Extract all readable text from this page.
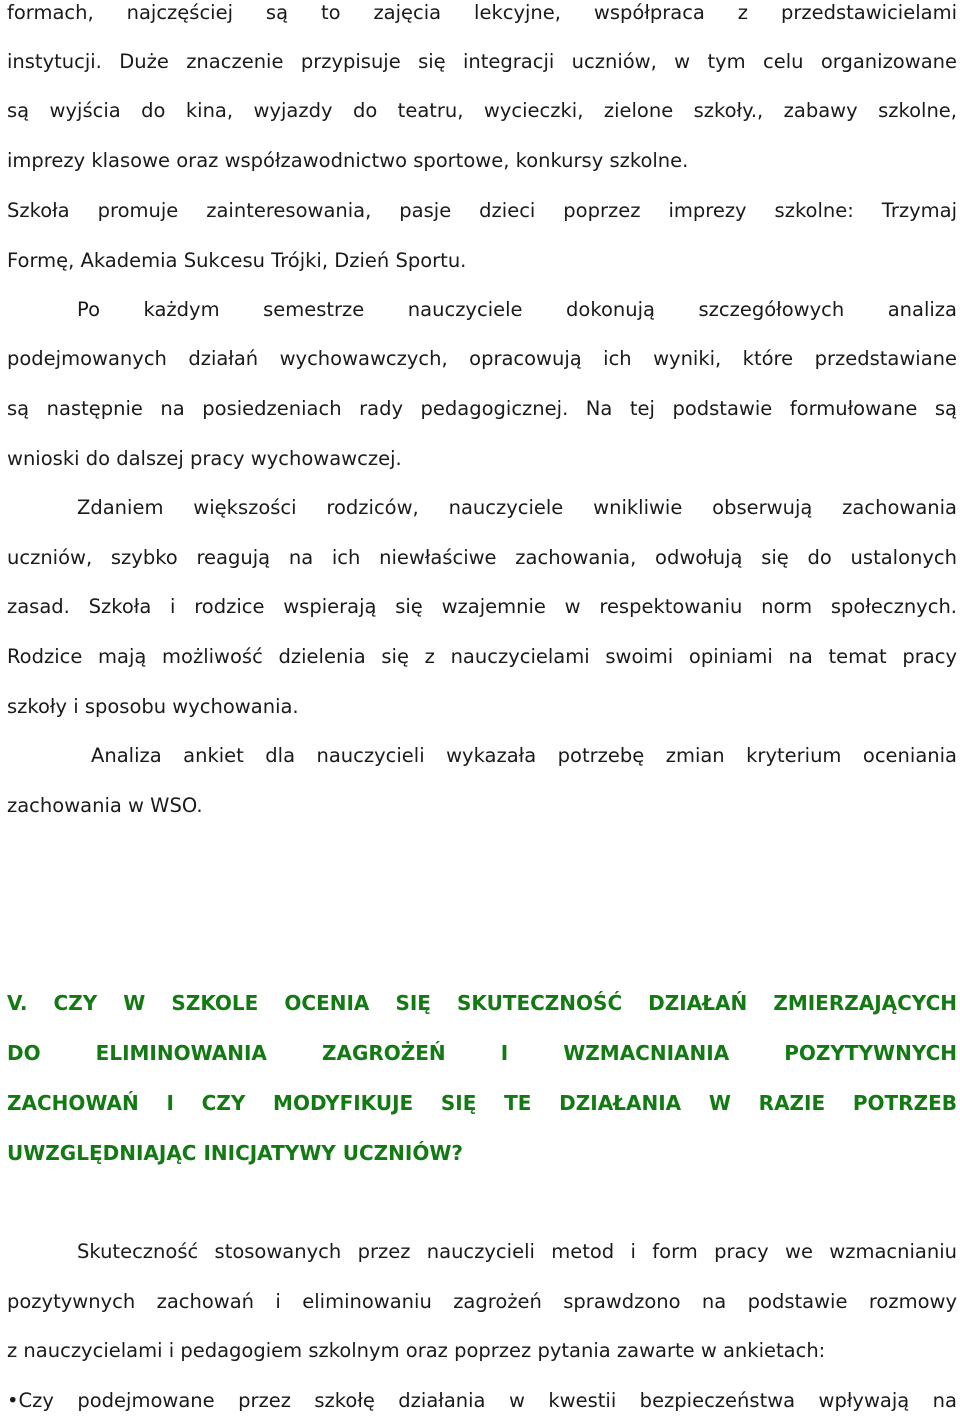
formach, najczęściej są to zajęcia lekcyjne, współpraca z przedstawicielami
instytucji. Duże znaczenie przypisuje się integracji uczniów, w tym celu organizowane
są wyjścia do kina, wyjazdy do teatru, wycieczki, zielone szkoły., zabawy szkolne,
imprezy klasowe oraz współzawodnictwo sportowe, konkursy szkolne.
Szkoła promuje zainteresowania, pasje dzieci poprzez imprezy szkolne: Trzymaj
Formę, Akademia Sukcesu Trójki, Dzień Sportu.
Po każdym semestrze nauczyciele dokonują szczegółowych analiza
podejmowanych działań wychowawczych, opracowują ich wyniki, które przedstawiane
są następnie na posiedzeniach rady pedagogicznej. Na tej podstawie formułowane są
wnioski do dalszej pracy wychowawczej.
Zdaniem większości rodziców, nauczyciele wnikliwie obserwują zachowania
uczniów, szybko reagują na ich niewłaściwe zachowania, odwołują się do ustalonych
zasad. Szkoła i rodzice wspierają się wzajemnie w respektowaniu norm społecznych.
Rodzice mają możliwość dzielenia się z nauczycielami swoimi opiniami na temat pracy
szkoły i sposobu wychowania.
Analiza ankiet dla nauczycieli wykazała potrzebę zmian kryterium oceniania
zachowania w WSO.
V. CZY W SZKOLE OCENIA SIĘ SKUTECZNOŚĆ DZIAŁAŃ ZMIERZAJĄCYCH
DO ELIMINOWANIA ZAGROŻEŃ I WZMACNIANIA POZYTYWNYCH
ZACHOWAŃ I CZY MODYFIKUJE SIĘ TE DZIAŁANIA W RAZIE POTRZEB
UWZGLĘDNIAJĄC INICJATYWY UCZNIÓW?
Skuteczność stosowanych przez nauczycieli metod i form pracy we wzmacnianiu
pozytywnych zachowań i eliminowaniu zagrożeń sprawdzono na podstawie rozmowy
z nauczycielami i pedagogiem szkolnym oraz poprzez pytania zawarte w ankietach:
•Czy podejmowane przez szkołę działania w kwestii bezpieczeństwa wpływają na
